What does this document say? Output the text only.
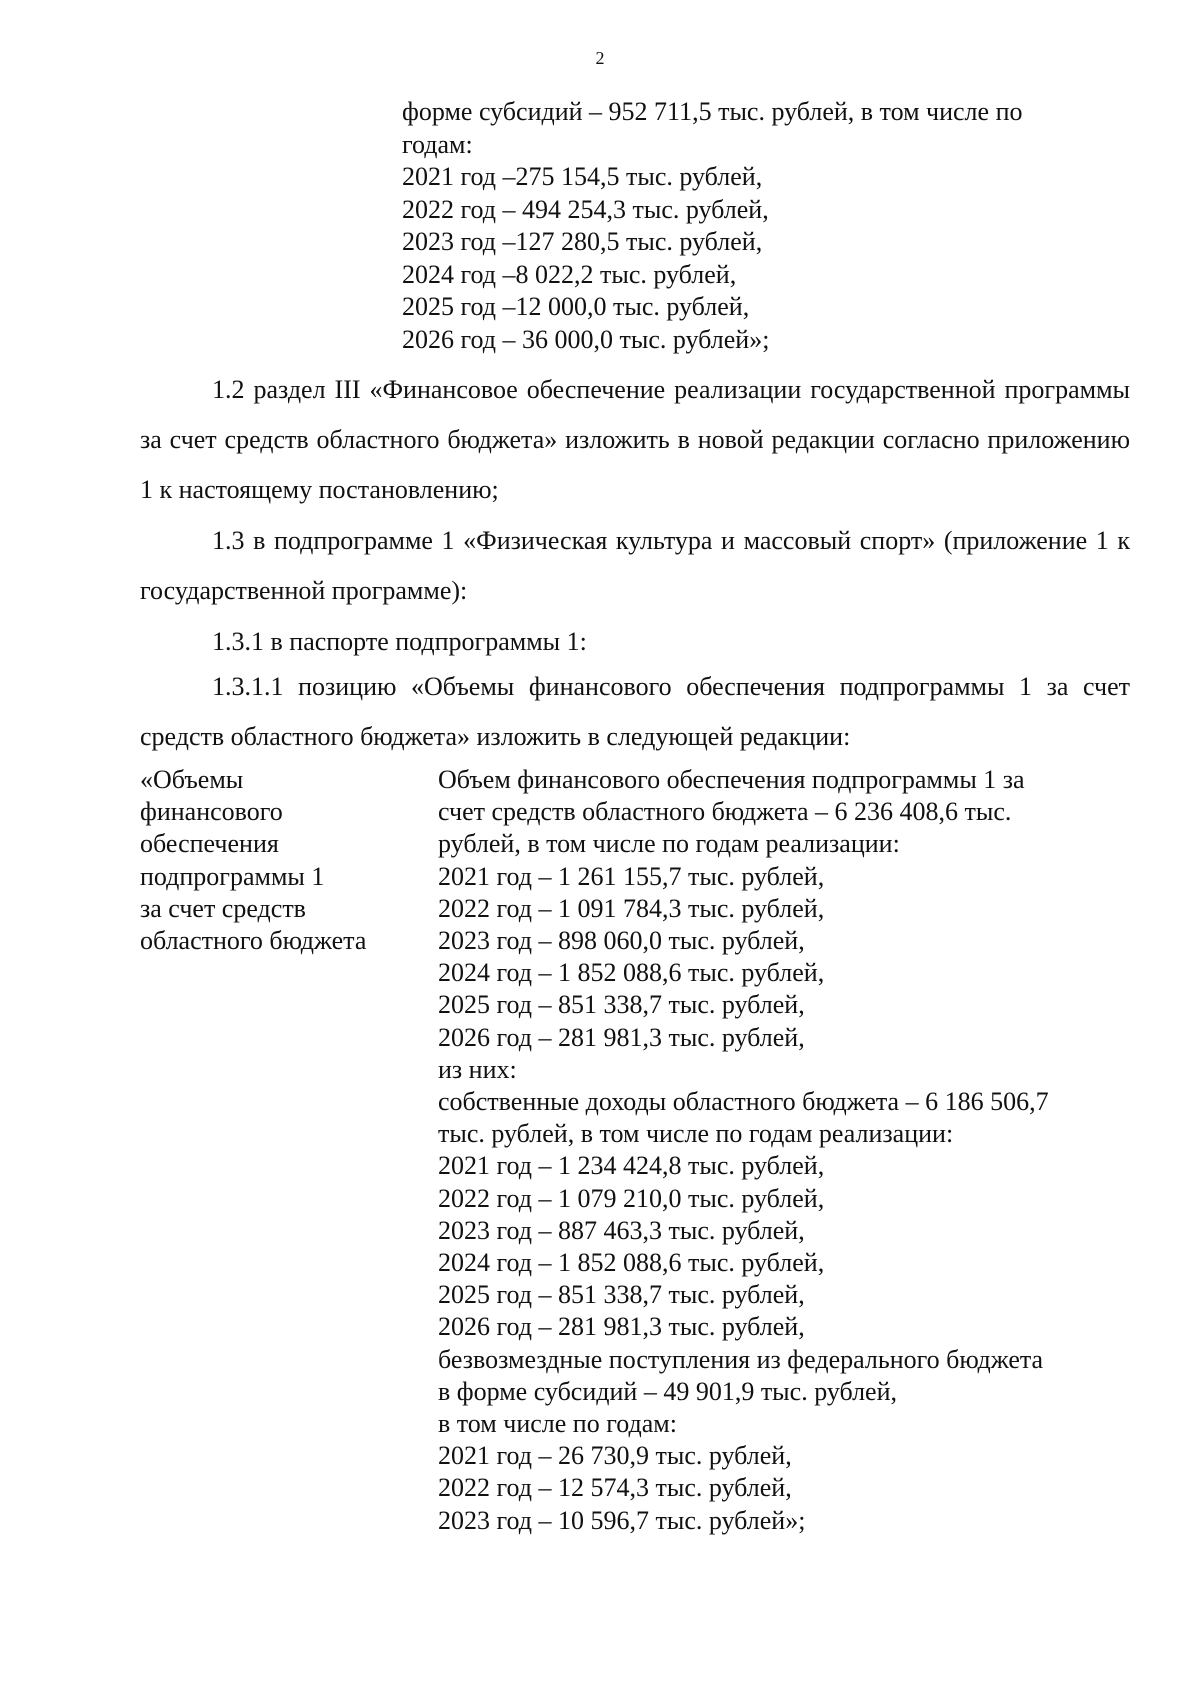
2
форме субсидий – 952 711,5 тыс. рублей, в том числе по
годам:
2021 год –275 154,5 тыс. рублей,
2022 год – 494 254,3 тыс. рублей,
2023 год –127 280,5 тыс. рублей,
2024 год –8 022,2 тыс. рублей,
2025 год –12 000,0 тыс. рублей,
2026 год – 36 000,0 тыс. рублей»;
1.2 раздел III «Финансовое обеспечение реализации государственной программы за счет средств областного бюджета» изложить в новой редакции согласно приложению 1 к настоящему постановлению;
1.3 в подпрограмме 1 «Физическая культура и массовый спорт» (приложение 1 к государственной программе):
1.3.1 в паспорте подпрограммы 1:
1.3.1.1 позицию «Объемы финансового обеспечения подпрограммы 1 за счет средств областного бюджета» изложить в следующей редакции:
«Объемы
финансового
обеспечения
подпрограммы 1
за счет средств
областного бюджета
Объем финансового обеспечения подпрограммы 1 за
счет средств областного бюджета – 6 236 408,6 тыс.
рублей, в том числе по годам реализации:
2021 год – 1 261 155,7 тыс. рублей,
2022 год – 1 091 784,3 тыс. рублей,
2023 год – 898 060,0 тыс. рублей,
2024 год – 1 852 088,6 тыс. рублей,
2025 год – 851 338,7 тыс. рублей,
2026 год – 281 981,3 тыс. рублей,
из них:
собственные доходы областного бюджета – 6 186 506,7
тыс. рублей, в том числе по годам реализации:
2021 год – 1 234 424,8 тыс. рублей,
2022 год – 1 079 210,0 тыс. рублей,
2023 год – 887 463,3 тыс. рублей,
2024 год – 1 852 088,6 тыс. рублей,
2025 год – 851 338,7 тыс. рублей,
2026 год – 281 981,3 тыс. рублей,
безвозмездные поступления из федерального бюджета
в форме субсидий – 49 901,9 тыс. рублей,
в том числе по годам:
2021 год – 26 730,9 тыс. рублей,
2022 год – 12 574,3 тыс. рублей,
2023 год – 10 596,7 тыс. рублей»;
